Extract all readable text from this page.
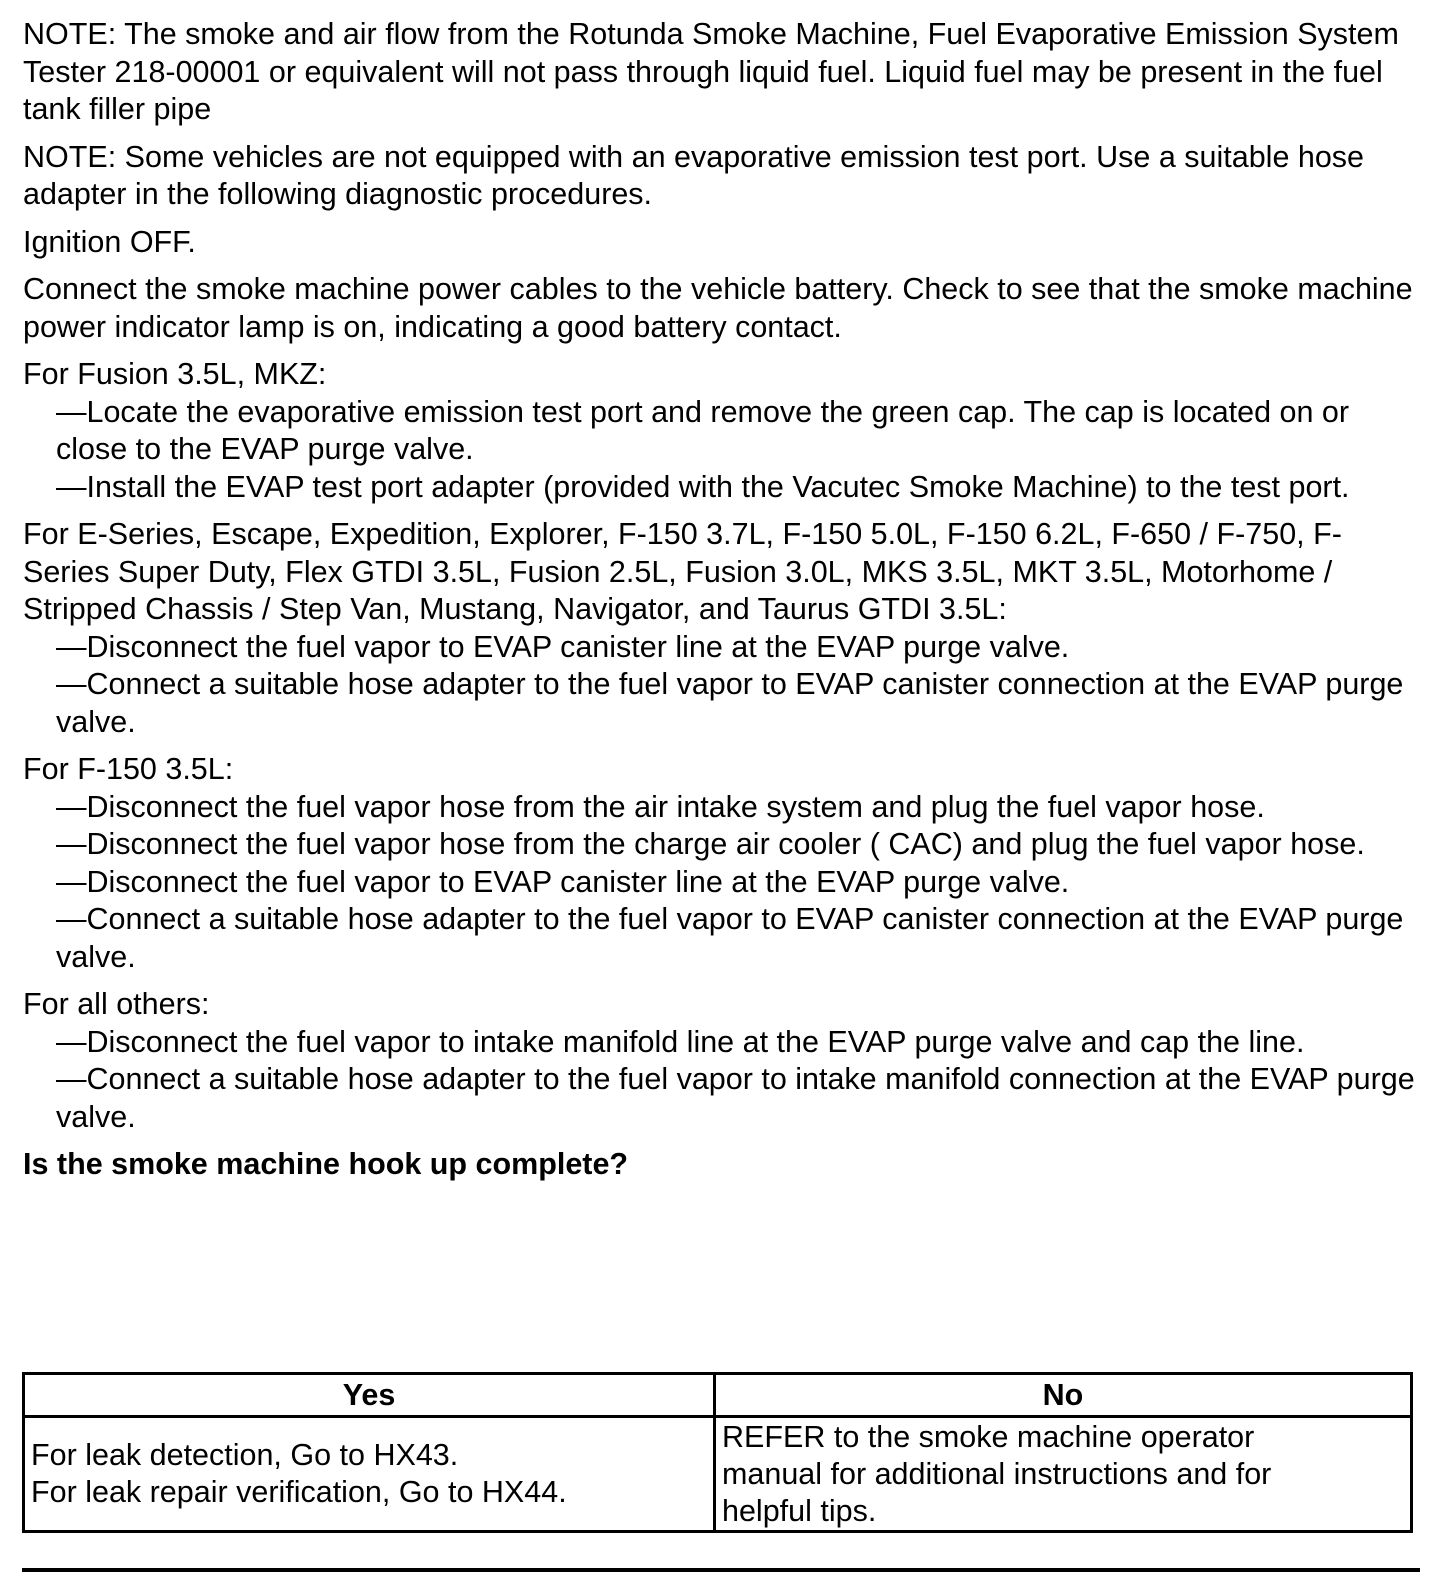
NOTE: The smoke and air flow from the Rotunda Smoke Machine, Fuel Evaporative Emission System Tester 218-00001 or equivalent will not pass through liquid fuel. Liquid fuel may be present in the fuel tank filler pipe

NOTE: Some vehicles are not equipped with an evaporative emission test port. Use a suitable hose adapter in the following diagnostic procedures.

Ignition OFF.

Connect the smoke machine power cables to the vehicle battery. Check to see that the smoke machine power indicator lamp is on, indicating a good battery contact.

For Fusion 3.5L, MKZ:

—Locate the evaporative emission test port and remove the green cap. The cap is located on or close to the EVAP purge valve.

—Install the EVAP test port adapter (provided with the Vacutec Smoke Machine) to the test port.

For E-Series, Escape, Expedition, Explorer, F-150 3.7L, F-150 5.0L, F-150 6.2L, F-650 / F-750, F-Series Super Duty, Flex GTDI 3.5L, Fusion 2.5L, Fusion 3.0L, MKS 3.5L, MKT 3.5L, Motorhome / Stripped Chassis / Step Van, Mustang, Navigator, and Taurus GTDI 3.5L:

—Disconnect the fuel vapor to EVAP canister line at the EVAP purge valve.

—Connect a suitable hose adapter to the fuel vapor to EVAP canister connection at the EVAP purge valve.

For F-150 3.5L:

—Disconnect the fuel vapor hose from the air intake system and plug the fuel vapor hose.

—Disconnect the fuel vapor hose from the charge air cooler ( CAC) and plug the fuel vapor hose.

—Disconnect the fuel vapor to EVAP canister line at the EVAP purge valve.

—Connect a suitable hose adapter to the fuel vapor to EVAP canister connection at the EVAP purge valve.

For all others:

—Disconnect the fuel vapor to intake manifold line at the EVAP purge valve and cap the line.

—Connect a suitable hose adapter to the fuel vapor to intake manifold connection at the EVAP purge valve.

Is the smoke machine hook up complete?

Yes	No

For leak detection, Go to HX43.
For leak repair verification, Go to HX44.	REFER to the smoke machine operator
manual for additional instructions and for
helpful tips.
